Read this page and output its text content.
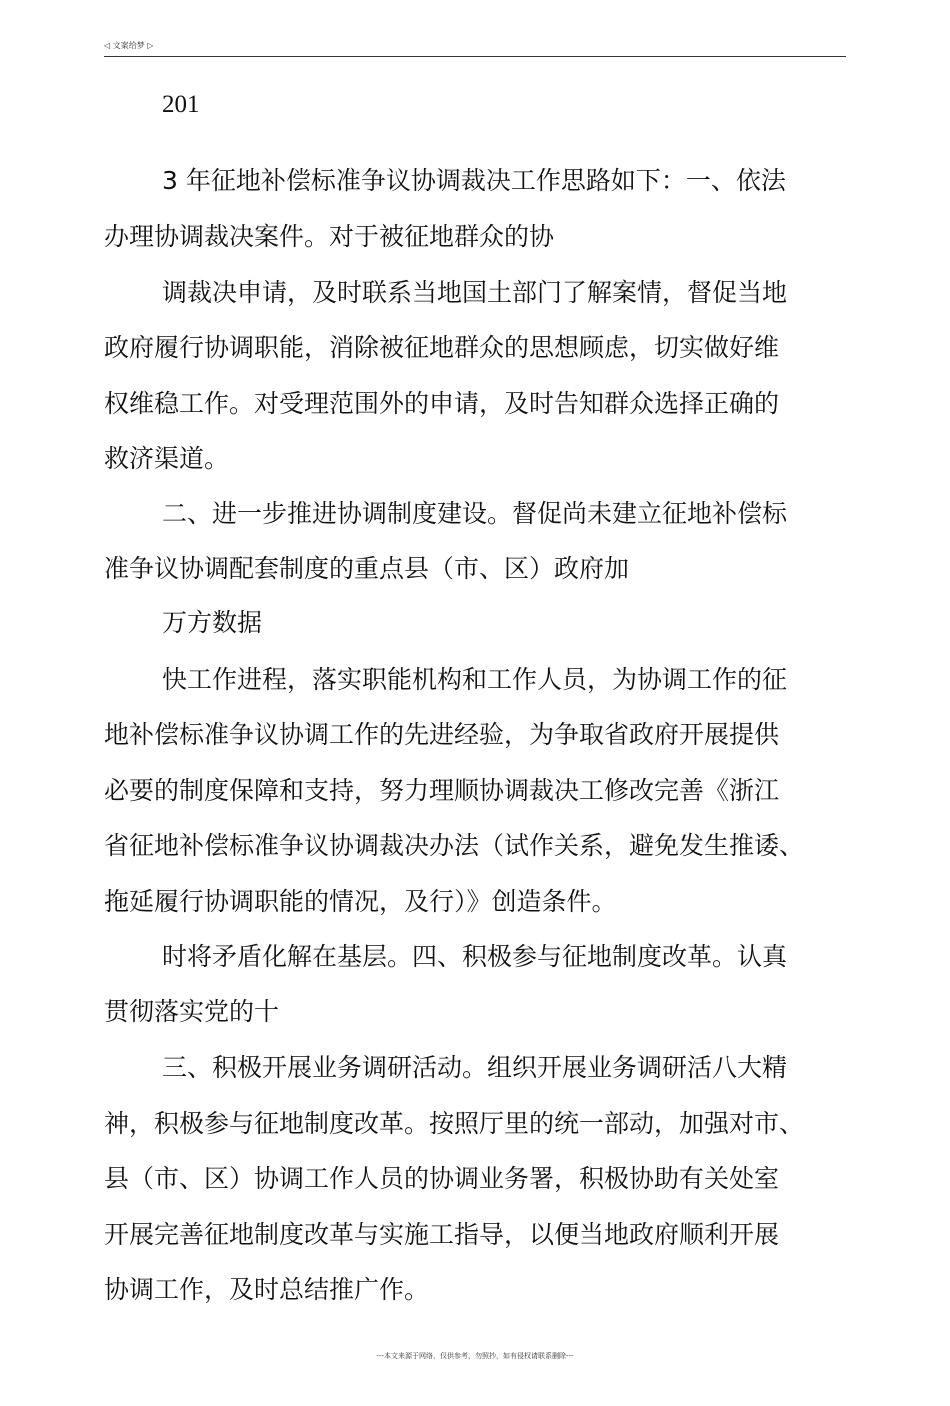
◁ 文案给梦 ▷
201
3 年征地补偿标准争议协调裁决工作思路如下：一、依法
办理协调裁决案件。对于被征地群众的协
调裁决申请，及时联系当地国土部门了解案情，督促当地
政府履行协调职能，消除被征地群众的思想顾虑，切实做好维
权维稳工作。对受理范围外的申请，及时告知群众选择正确的
救济渠道。
二、进一步推进协调制度建设。督促尚未建立征地补偿标
准争议协调配套制度的重点县（市、区）政府加
万方数据
快工作进程，落实职能机构和工作人员，为协调工作的征
地补偿标准争议协调工作的先进经验，为争取省政府开展提供
必要的制度保障和支持，努力理顺协调裁决工修改完善《浙江
省征地补偿标准争议协调裁决办法（试作关系，避免发生推诿、
拖延履行协调职能的情况，及行）》创造条件。
时将矛盾化解在基层。四、积极参与征地制度改革。认真
贯彻落实党的十
三、积极开展业务调研活动。组织开展业务调研活八大精
神，积极参与征地制度改革。按照厅里的统一部动，加强对市、
县（市、区）协调工作人员的协调业务署，积极协助有关处室
开展完善征地制度改革与实施工指导，以便当地政府顺利开展
协调工作，及时总结推广作。
---本文来源于网络，仅供参考，勿照抄，如有侵权请联系删除---
